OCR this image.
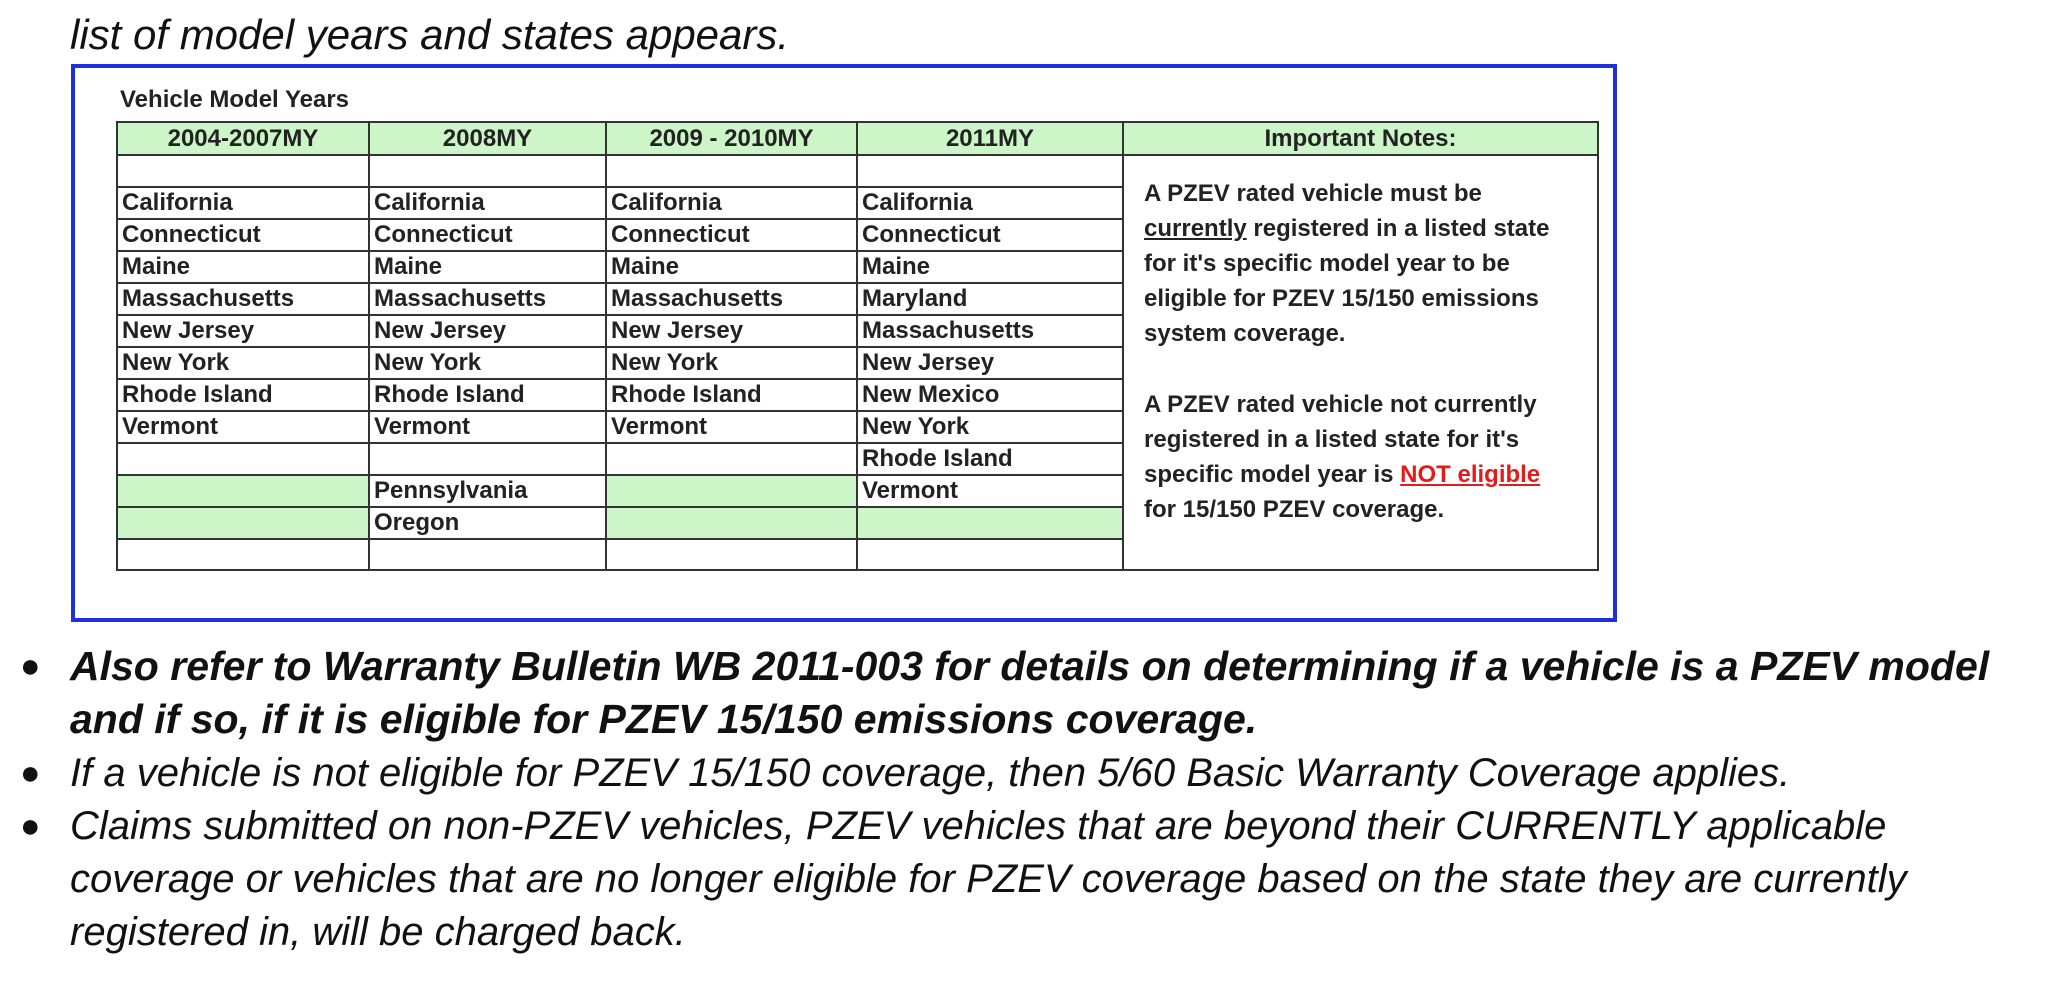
list of model years and states appears.
Vehicle Model Years
2004-2007MY	2008MY	2009 - 2010MY	2011MY	Important Notes:

				A PZEV rated vehicle must be currently registered in a listed state for it's specific model year to be eligible for PZEV 15/150 emissions system coverage.
A PZEV rated vehicle not currently registered in a listed state for it's specific model year is NOT eligible for 15/150 PZEV coverage.

California	California	California	California	
Connecticut	Connecticut	Connecticut	Connecticut	
Maine	Maine	Maine	Maine	
Massachusetts	Massachusetts	Massachusetts	Maryland	
New Jersey	New Jersey	New Jersey	Massachusetts	
New York	New York	New York	New Jersey	
Rhode Island	Rhode Island	Rhode Island	New Mexico	
Vermont	Vermont	Vermont	New York	
			Rhode Island	
	Pennsylvania		Vermont	
	Oregon			

● Also refer to Warranty Bulletin WB 2011-003 for details on determining if a vehicle is a PZEV model and if so, if it is eligible for PZEV 15/150 emissions coverage.
● If a vehicle is not eligible for PZEV 15/150 coverage, then 5/60 Basic Warranty Coverage applies.
● Claims submitted on non-PZEV vehicles, PZEV vehicles that are beyond their CURRENTLY applicable coverage or vehicles that are no longer eligible for PZEV coverage based on the state they are currently registered in, will be charged back.
